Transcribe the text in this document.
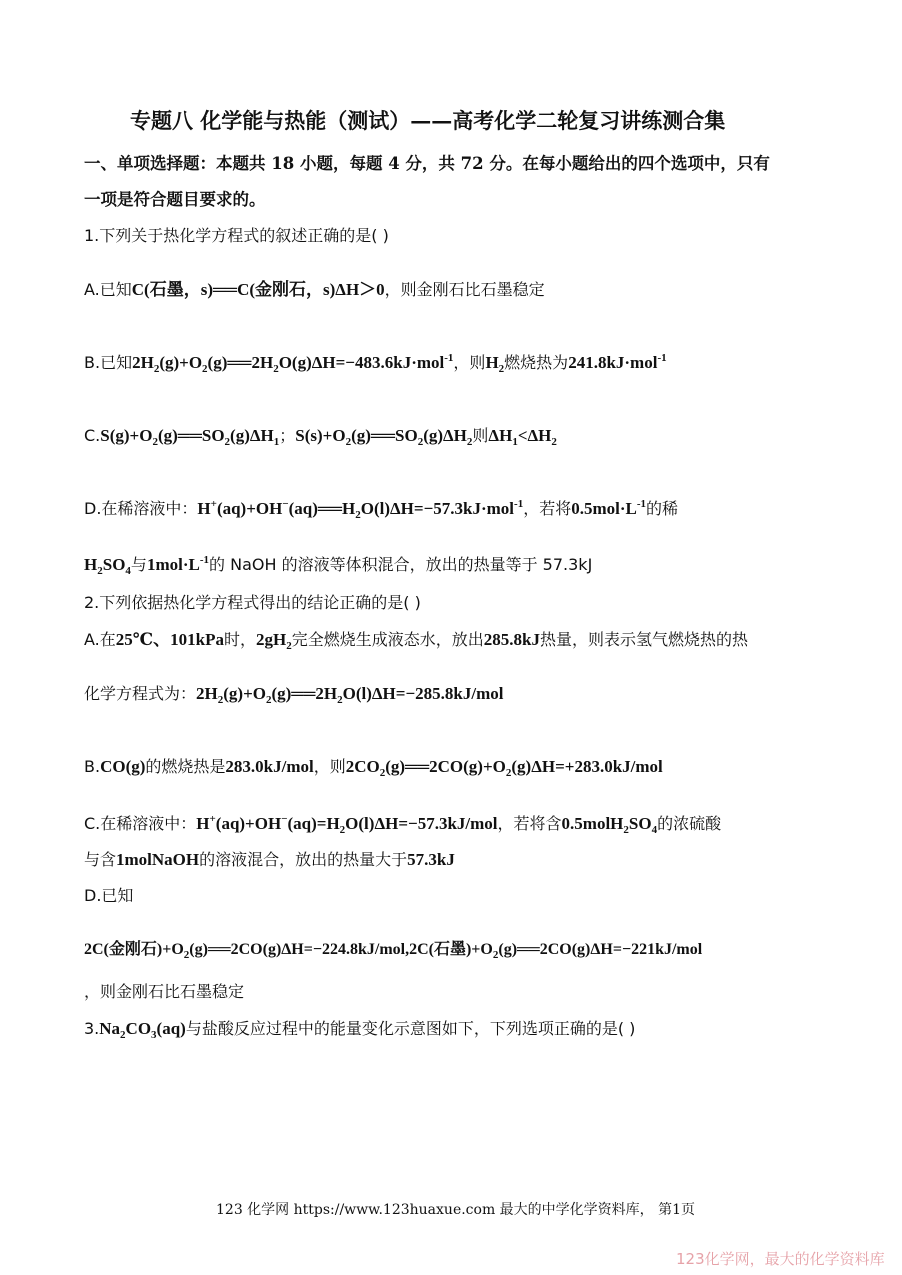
专题八 化学能与热能（测试）——高考化学二轮复习讲练测合集
一、单项选择题：本题共 18 小题，每题 4 分，共 72 分。在每小题给出的四个选项中，只有
一项是符合题目要求的。
1.下列关于热化学方程式的叙述正确的是( )
A.已知C(石墨，s)══C(金刚石，s)ΔH＞0，则金刚石比石墨稳定
B.已知$2H_2(g)+O_2(g)══2H_2O(g)\Delta H=-483.6kJ\cdot mol^{-1}$，则$H_2$燃烧热为241.8kJ·mol$^{-1}$
$C.S(g)+O_2(g)══SO_2(g)\Delta H_1$；$S(s)+O_2(g)══SO_2(g)\Delta H_2$则$\Delta H_1<\Delta H_2$
D.在稀溶液中：$H^+(aq)+OH^-(aq)══H_2O(l)\Delta H=-57.3kJ\cdot mol^{-1}$，若将$0.5mol\cdot L^{-1}$的稀
$H_2SO_4$与$1mol\cdot L^{-1}$的 NaOH 的溶液等体积混合，放出的热量等于 57.3kJ
2.下列依据热化学方程式得出的结论正确的是( )
A.在25℃、101kPa时，$2gH_2$完全燃烧生成液态水，放出285.8kJ热量，则表示氢气燃烧热的热
化学方程式为：$2H_2(g)+O_2(g)══2H_2O(l)\Delta H=-285.8kJ$/mol
B.CO(g)的燃烧热是283.0kJ/mol，则$2CO_2(g)══2CO(g)+O_2(g)\Delta H=+283.0kJ$/mol
C.在稀溶液中：$H^+(aq)+OH^-(aq)=H_2O(l)\Delta H=-57.3kJ$/mol，若将含$0.5molH_2SO_4$的浓硫酸
与含1molNaOH的溶液混合，放出的热量大于57.3kJ
D.已知
2C(金刚石)$+O_2(g)══2CO(g)\Delta H=-224.8kJ/mol,2C$(石墨)$+O_2(g)══2CO(g)\Delta H=-221kJ$/mol
，则金刚石比石墨稳定
$3.Na_2CO_3(aq)$与盐酸反应过程中的能量变化示意图如下，下列选项正确的是( )
123 化学网 https://www.123huaxue.com 最大的中学化学资料库， 第1页
123化学网，最大的化学资料库
